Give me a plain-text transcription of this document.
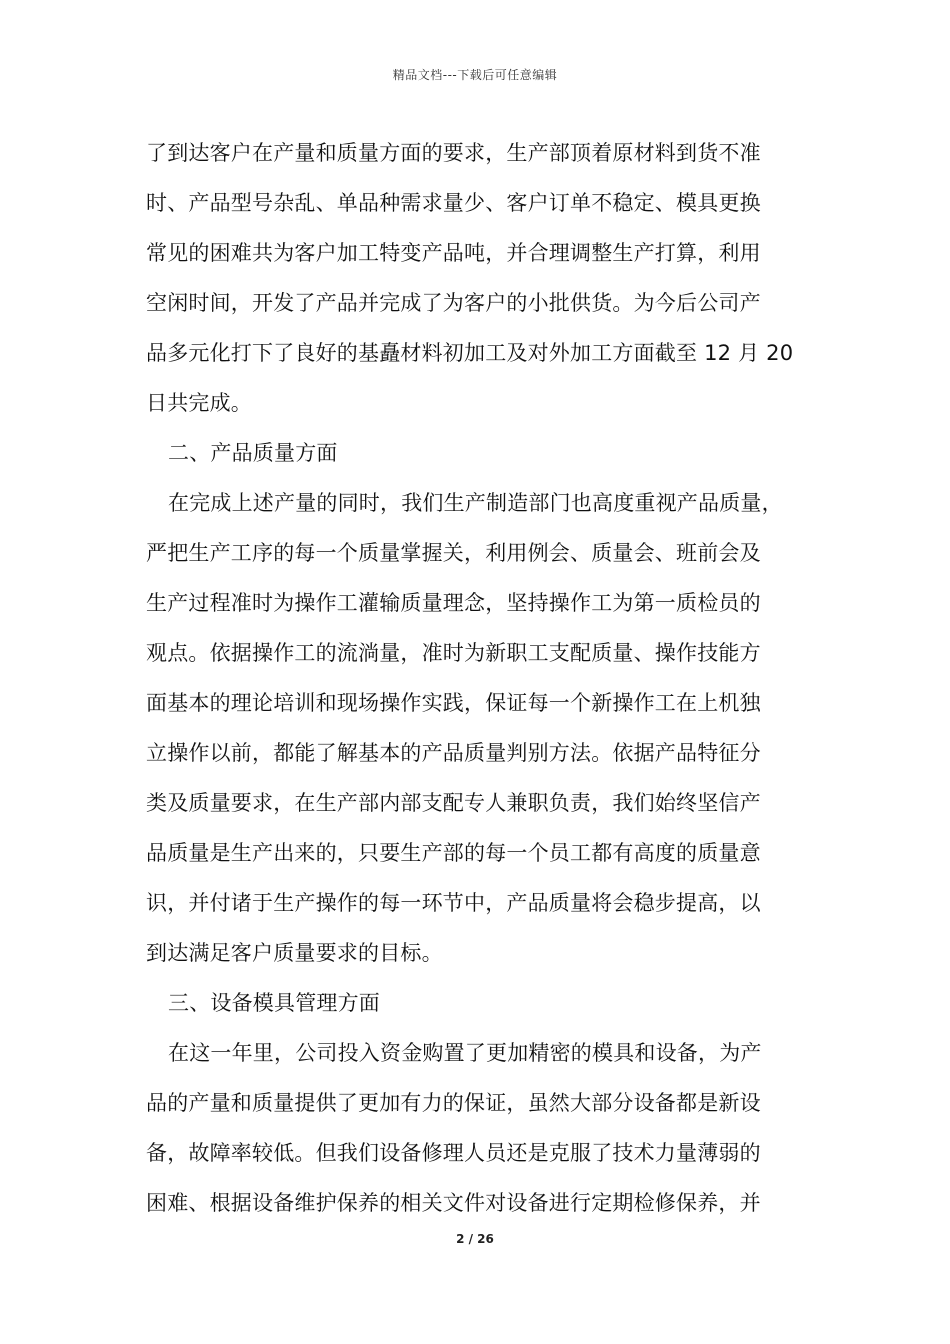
精品文档---下载后可任意编辑
了到达客户在产量和质量方面的要求，生产部顶着原材料到货不准
时、产品型号杂乱、单品种需求量少、客户订单不稳定、模具更换
常见的困难共为客户加工特变产品吨，并合理调整生产打算，利用
空闲时间，开发了产品并完成了为客户的小批供货。为今后公司产
品多元化打下了良好的基矗材料初加工及对外加工方面截至 12 月 20
日共完成。
二、产品质量方面
在完成上述产量的同时，我们生产制造部门也高度重视产品质量，
严把生产工序的每一个质量掌握关，利用例会、质量会、班前会及
生产过程准时为操作工灌输质量理念，坚持操作工为第一质检员的
观点。依据操作工的流淌量，准时为新职工支配质量、操作技能方
面基本的理论培训和现场操作实践，保证每一个新操作工在上机独
立操作以前，都能了解基本的产品质量判别方法。依据产品特征分
类及质量要求，在生产部内部支配专人兼职负责，我们始终坚信产
品质量是生产出来的，只要生产部的每一个员工都有高度的质量意
识，并付诸于生产操作的每一环节中，产品质量将会稳步提高，以
到达满足客户质量要求的目标。
三、设备模具管理方面
在这一年里，公司投入资金购置了更加精密的模具和设备，为产
品的产量和质量提供了更加有力的保证，虽然大部分设备都是新设
备，故障率较低。但我们设备修理人员还是克服了技术力量薄弱的
困难、根据设备维护保养的相关文件对设备进行定期检修保养，并
2 / 26
